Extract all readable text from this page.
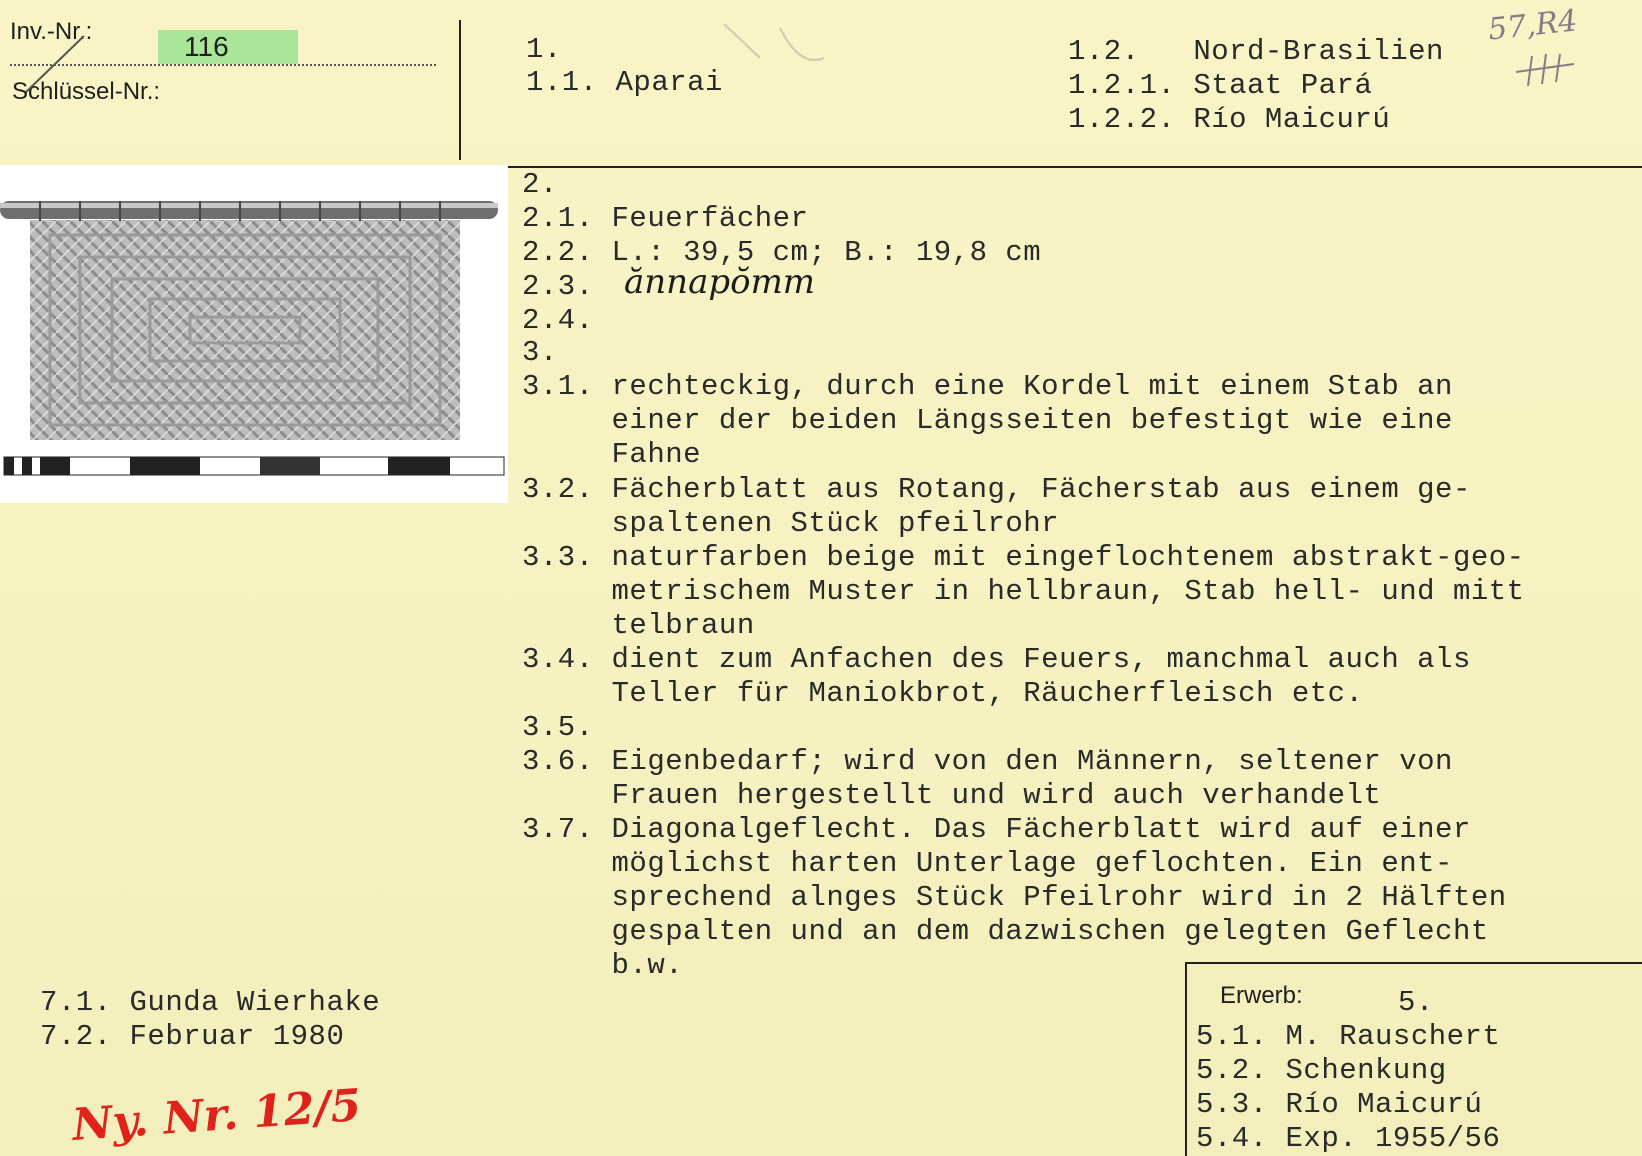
Inv.-Nr.:	116
Schlüssel-Nr.:
1.
1.1. Aparai
1.2.   Nord-Brasilien
1.2.1. Staat Pará
1.2.2. Río Maicurú
57,R4
2.
2.1. Feuerfächer
2.2. L.: 39,5 cm; B.: 19,8 cm
2.3.
2.4.
ănnapŏmm
3.
3.1. rechteckig, durch eine Kordel mit einem Stab an
einer der beiden Längsseiten befestigt wie eine
Fahne
3.2. Fächerblatt aus Rotang, Fächerstab aus einem ge-
spaltenen Stück pfeilrohr
3.3. naturfarben beige mit eingeflochtenem abstrakt-geo-
metrischem Muster in hellbraun, Stab hell- und mitt
telbraun
3.4. dient zum Anfachen des Feuers, manchmal auch als
Teller für Maniokbrot, Räucherfleisch etc.
3.5.
3.6. Eigenbedarf; wird von den Männern, seltener von
Frauen hergestellt und wird auch verhandelt
3.7. Diagonalgeflecht. Das Fächerblatt wird auf einer
möglichst harten Unterlage geflochten. Ein ent-
sprechend alnges Stück Pfeilrohr wird in 2 Hälften
gespalten und an dem dazwischen gelegten Geflecht
b.w.
7.1. Gunda Wierhake
7.2. Februar 1980
Ny. Nr. 12/5
Erwerb:	5.
5.1. M. Rauschert
5.2. Schenkung
5.3. Río Maicurú
5.4. Exp. 1955/56
